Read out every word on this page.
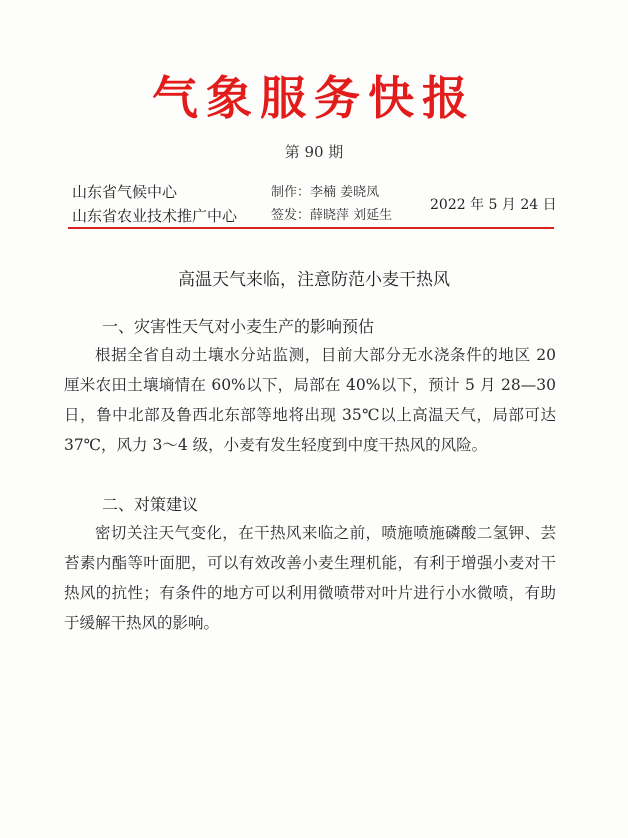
气象服务快报
第 90 期
山东省气候中心
山东省农业技术推广中心
制作：李楠 姜晓凤
签发：薛晓萍 刘延生
2022 年 5 月 24 日
高温天气来临，注意防范小麦干热风
一、灾害性天气对小麦生产的影响预估

根据全省自动土壤水分站监测，目前大部分无水浇条件的地区 20 厘米农田土壤墒情在 60%以下，局部在 40%以下，预计 5 月 28—30 日，鲁中北部及鲁西北东部等地将出现 35℃以上高温天气，局部可达 37℃，风力 3～4 级，小麦有发生轻度到中度干热风的风险。

二、对策建议

密切关注天气变化，在干热风来临之前，喷施喷施磷酸二氢钾、芸苔素内酯等叶面肥，可以有效改善小麦生理机能，有利于增强小麦对干热风的抗性；有条件的地方可以利用微喷带对叶片进行小水微喷，有助于缓解干热风的影响。
